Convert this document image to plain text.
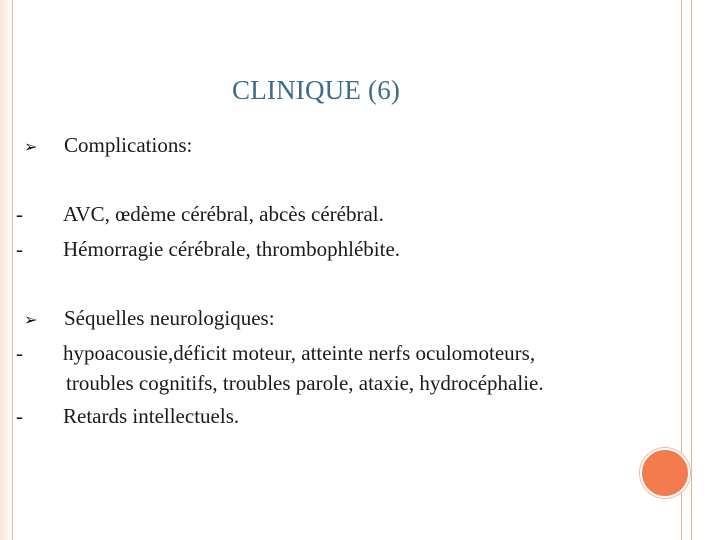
CLINIQUE (6)
➢ Complications:
- AVC, œdème cérébral, abcès cérébral.
- Hémorragie cérébrale, thrombophlébite.
➢ Séquelles neurologiques:
- hypoacousie,déficit moteur, atteinte nerfs oculomoteurs,
troubles cognitifs, troubles parole, ataxie, hydrocéphalie.
- Retards intellectuels.
